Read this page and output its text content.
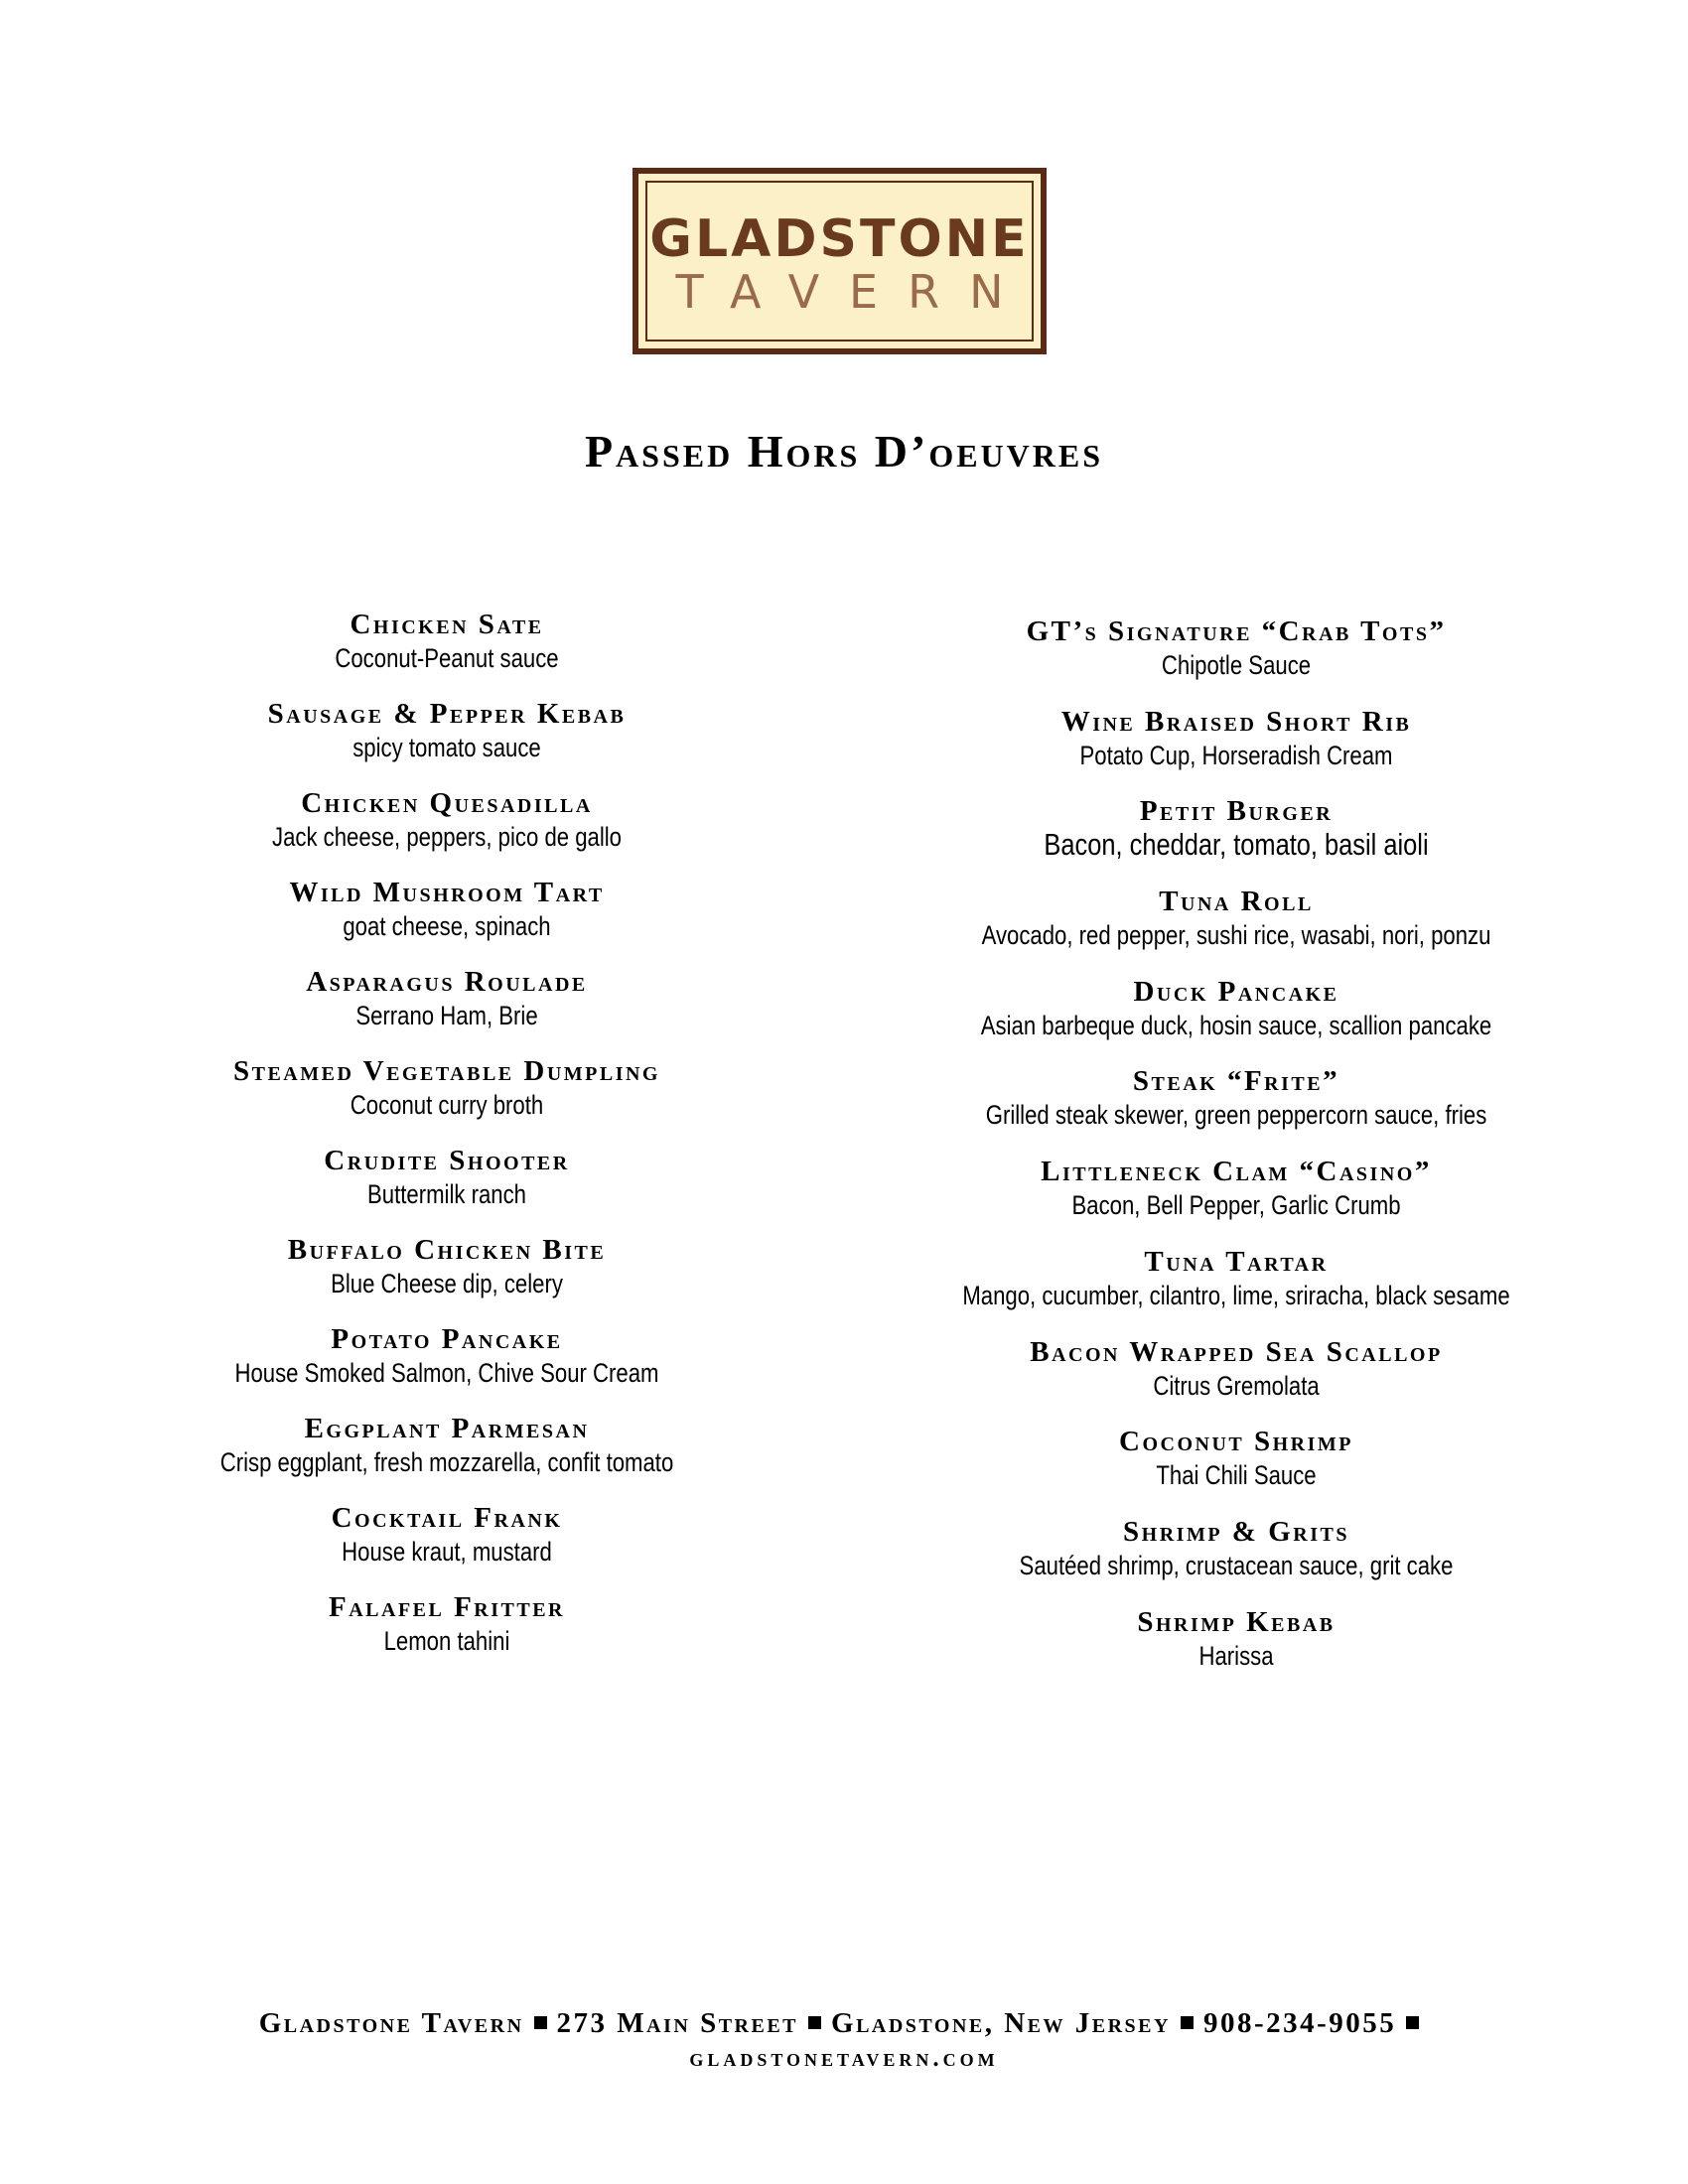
GLADSTONE
TAVERN
Passed Hors D’oeuvres
Chicken Sate
Coconut-Peanut sauce
Sausage & Pepper Kebab
spicy tomato sauce
Chicken Quesadilla
Jack cheese, peppers, pico de gallo
Wild Mushroom Tart
goat cheese, spinach
Asparagus Roulade
Serrano Ham, Brie
Steamed Vegetable Dumpling
Coconut curry broth
Crudite Shooter
Buttermilk ranch
Buffalo Chicken Bite
Blue Cheese dip, celery
Potato Pancake
House Smoked Salmon, Chive Sour Cream
Eggplant Parmesan
Crisp eggplant, fresh mozzarella, confit tomato
Cocktail Frank
House kraut, mustard
Falafel Fritter
Lemon tahini
GT’s Signature “Crab Tots”
Chipotle Sauce
Wine Braised Short Rib
Potato Cup, Horseradish Cream
Petit Burger
Bacon, cheddar, tomato, basil aioli
Tuna Roll
Avocado, red pepper, sushi rice, wasabi, nori, ponzu
Duck Pancake
Asian barbeque duck, hosin sauce, scallion pancake
Steak “Frite”
Grilled steak skewer, green peppercorn sauce, fries
Littleneck Clam “Casino”
Bacon, Bell Pepper, Garlic Crumb
Tuna Tartar
Mango, cucumber, cilantro, lime, sriracha, black sesame
Bacon Wrapped Sea Scallop
Citrus Gremolata
Coconut Shrimp
Thai Chili Sauce
Shrimp & Grits
Sautéed shrimp, crustacean sauce, grit cake
Shrimp Kebab
Harissa
Gladstone Tavern 273 Main Street Gladstone, New Jersey 908-234-9055
gladstonetavern.com
